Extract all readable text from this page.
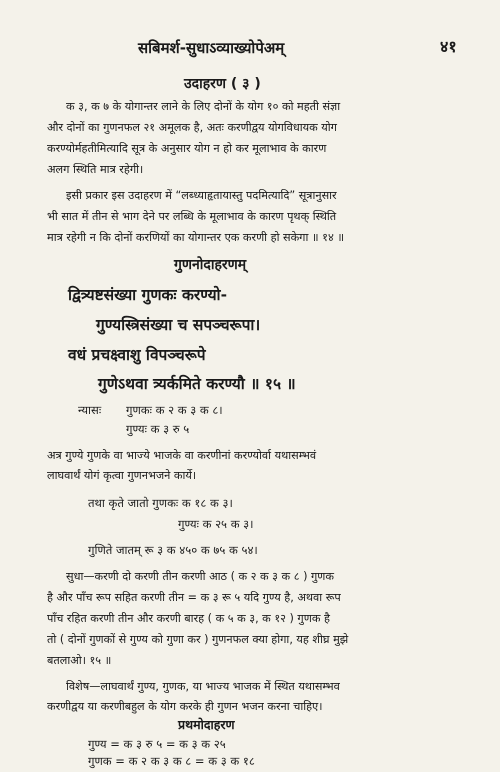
सबिमर्श-सुधाऽव्याख्योपेअम्	४१
उदाहरण ( ३ )
क ३, क ७ के योगान्तर लाने के लिए दोनों के योग १० को महती संज्ञा
और दोनों का गुणनफल २१ अमूलक है, अतः करणीद्वय योगविधायक योग
करण्योर्महतीमित्यादि सूत्र के अनुसार योग न हो कर मूलाभाव के कारण
अलग स्थिति मात्र रहेगी।
इसी प्रकार इस उदाहरण में “लब्ध्याहृतायास्तु पदमित्यादि” सूत्रानुसार
भी सात में तीन से भाग देने पर लब्धि के मूलाभाव के कारण पृथक् स्थिति
मात्र रहेगी न कि दोनों करणियों का योगान्तर एक करणी हो सकेगा ॥ १४ ॥
गुणनोदाहरणम्
द्वित्र्यष्टसंख्या गुणकः करण्यो-
गुण्यस्त्रिसंख्या च सपञ्चरूपा।
वधं प्रचक्ष्वाशु विपञ्चरूपे
गुणेऽथवा त्र्यर्कमिते करण्यौ ॥ १५ ॥
न्यासः गुणकः क २ क ३ क ८।
गुण्यः क ३ रु ५
अत्र गुण्ये गुणके वा भाज्ये भाजके वा करणीनां करण्योर्वा यथासम्भवं
लाघवार्थं योगं कृत्वा गुणनभजने कार्ये।
तथा कृते जातो गुणकः क १८ क ३।
गुण्यः क २५ क ३।
गुणिते जातम् रू ३ क ४५० क ७५ क ५४।
सुधा—करणी दो करणी तीन करणी आठ ( क २ क ३ क ८ ) गुणक
है और पाँच रूप सहित करणी तीन = क ३ रू ५ यदि गुण्य है, अथवा रूप
पाँच रहित करणी तीन और करणी बारह ( क ५ क ३, क १२ ) गुणक है
तो ( दोनों गुणकों से गुण्य को गुणा कर ) गुणनफल क्या होगा, यह शीघ्र मुझे
बतलाओ। १५ ॥
विशेष—लाघवार्थं गुण्य, गुणक, या भाज्य भाजक में स्थित यथासम्भव
करणीद्वय या करणीबहुल के योग करके ही गुणन भजन करना चाहिए।
प्रथमोदाहरण
गुण्य = क ३ रु ५ = क ३ क २५
गुणक = क २ क ३ क ८ = क ३ क १८
